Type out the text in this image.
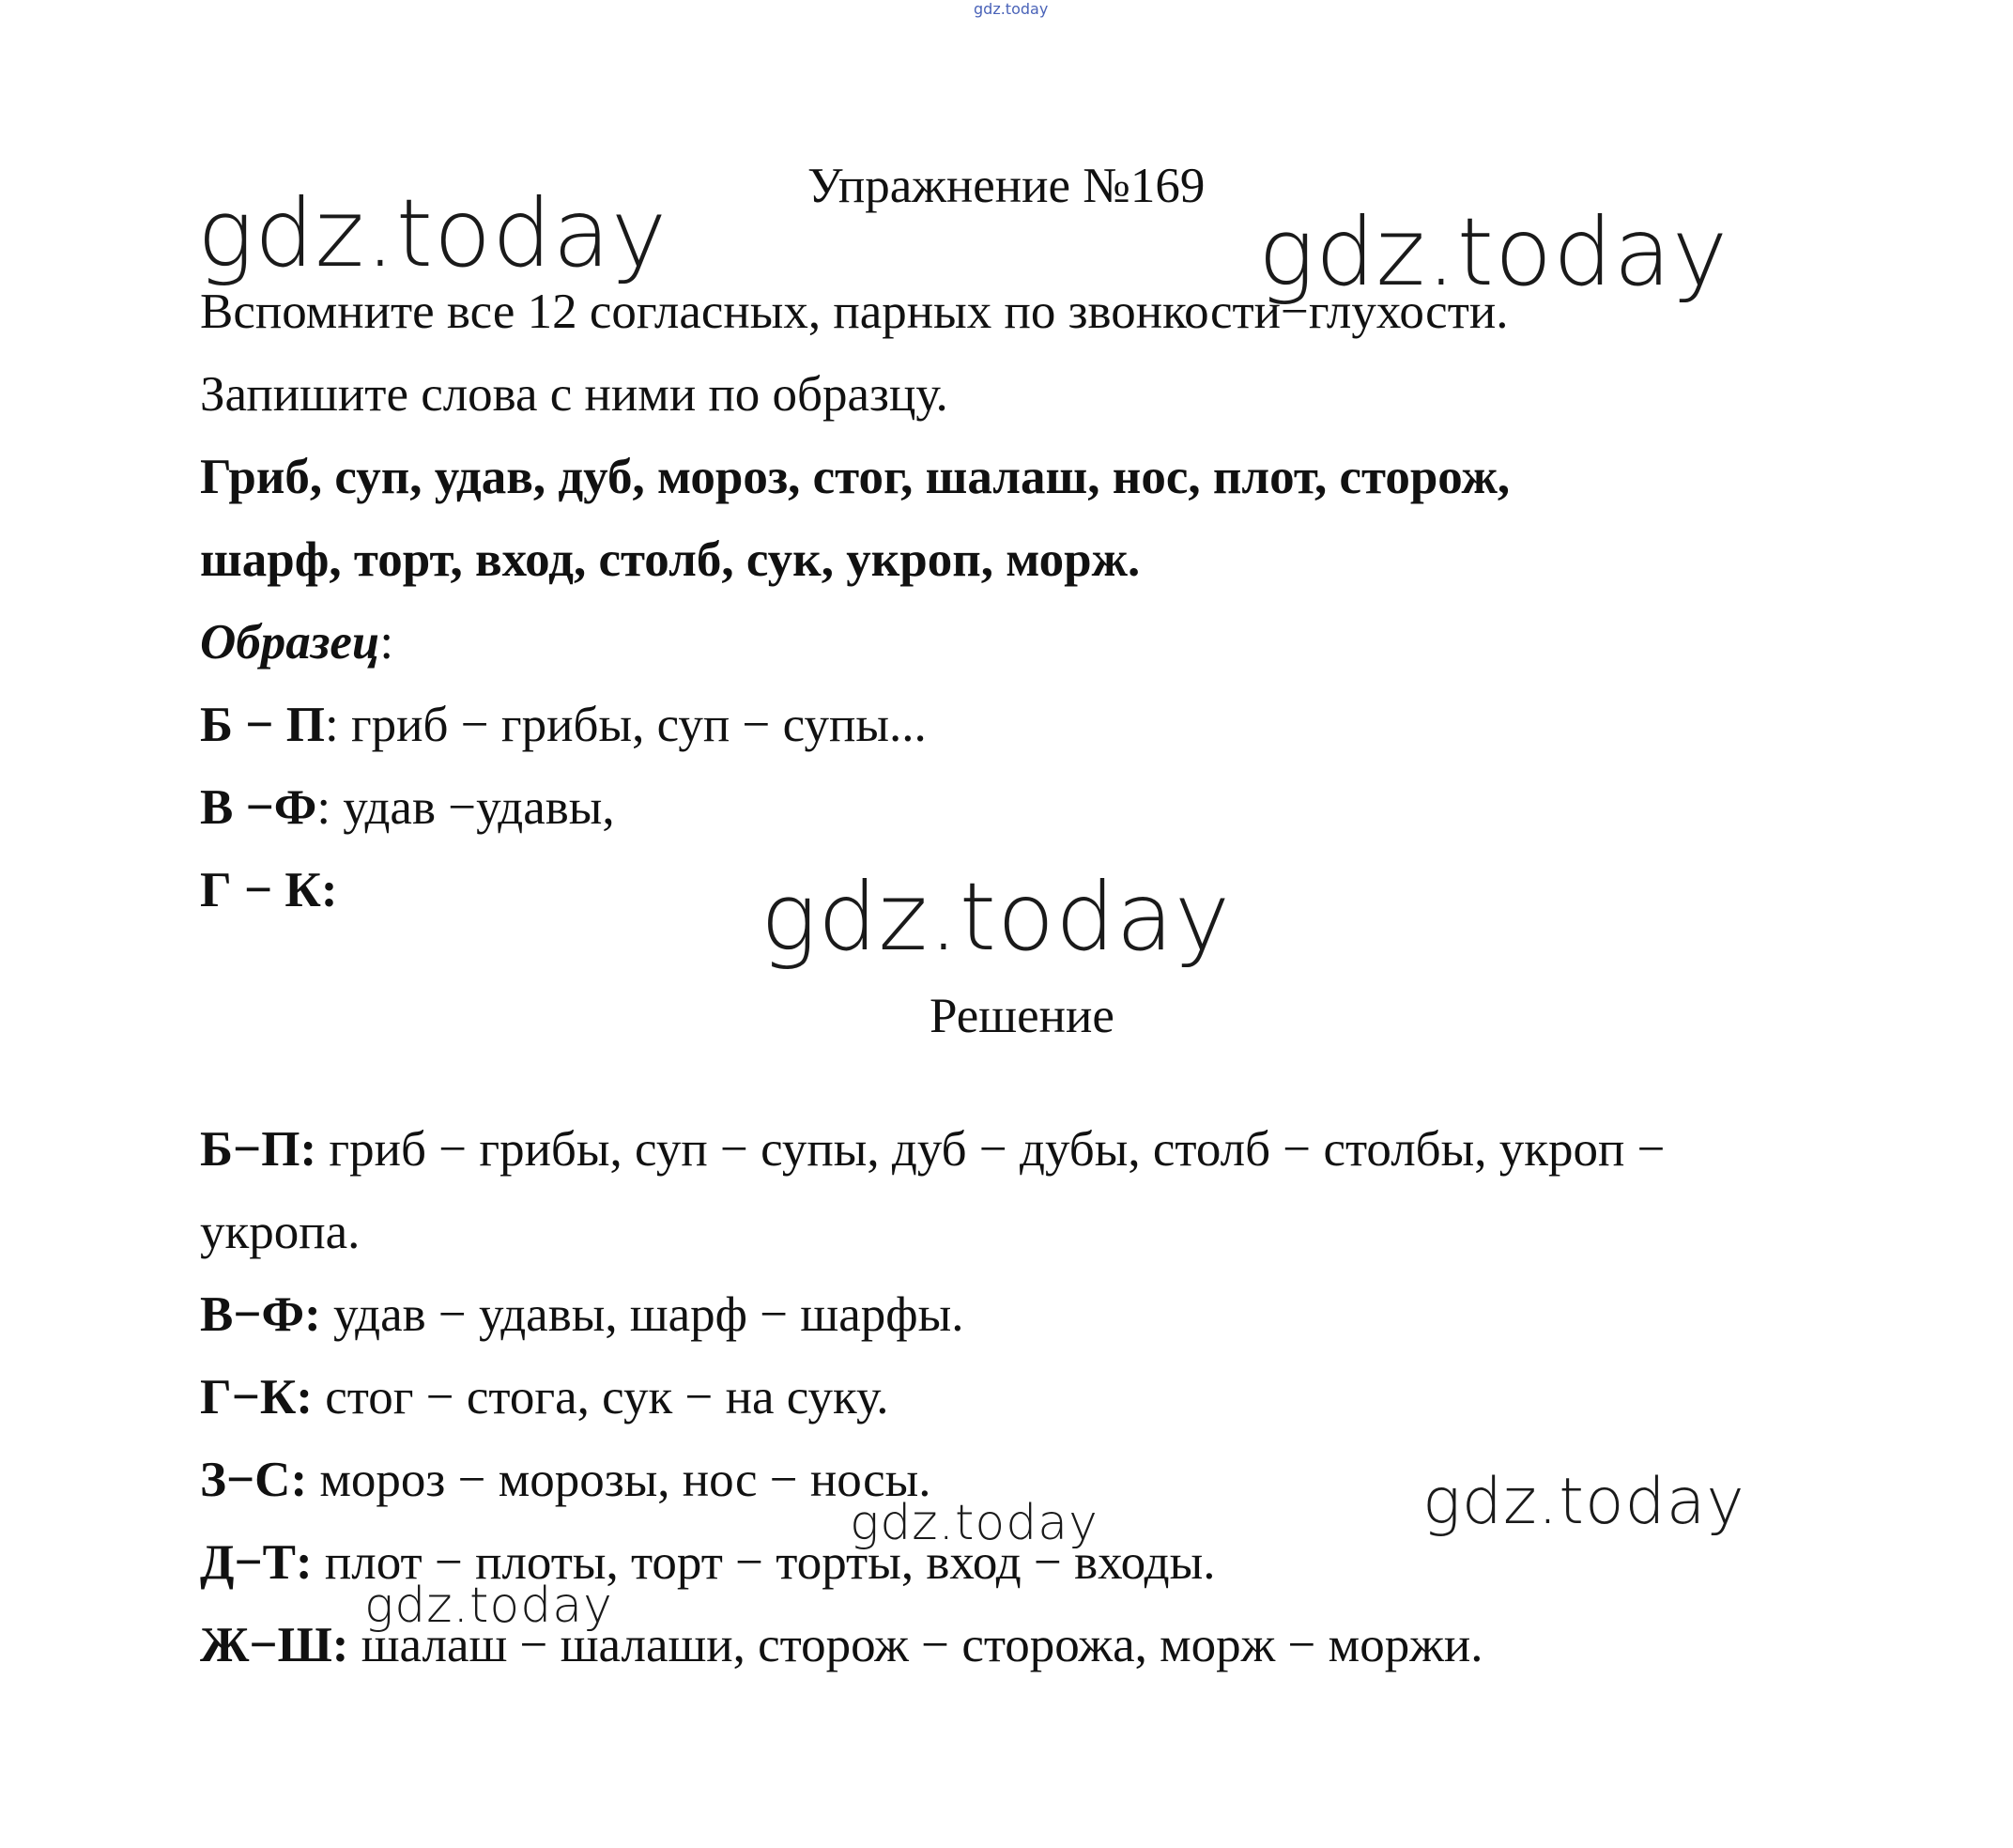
gdz.today
Упражнение №169
gdz.today	gdz.today
Вспомните все 12 согласных, парных по звонкости−глухости.
Запишите слова с ними по образцу.
Гриб, суп, удав, дуб, мороз, стог, шалаш, нос, плот, сторож,
шарф, торт, вход, столб, сук, укроп, морж.
Образец:
Б − П: гриб − грибы, суп − супы...
В −Ф: удав −удавы,
Г − К:	gdz.today
Решение
Б−П: гриб − грибы, суп − супы, дуб − дубы, столб − столбы, укроп −
укропа.
В−Ф: удав − удавы, шарф − шарфы.
Г−К: стог − стога, сук − на суку.
З−С: мороз − морозы, нос − носы.
Д−Т: плот − плоты, торт − торты, вход − входы.
Ж−Ш: шалаш − шалаши, сторож − сторожа, морж − моржи.
gdz.today
gdz.today
gdz.today
